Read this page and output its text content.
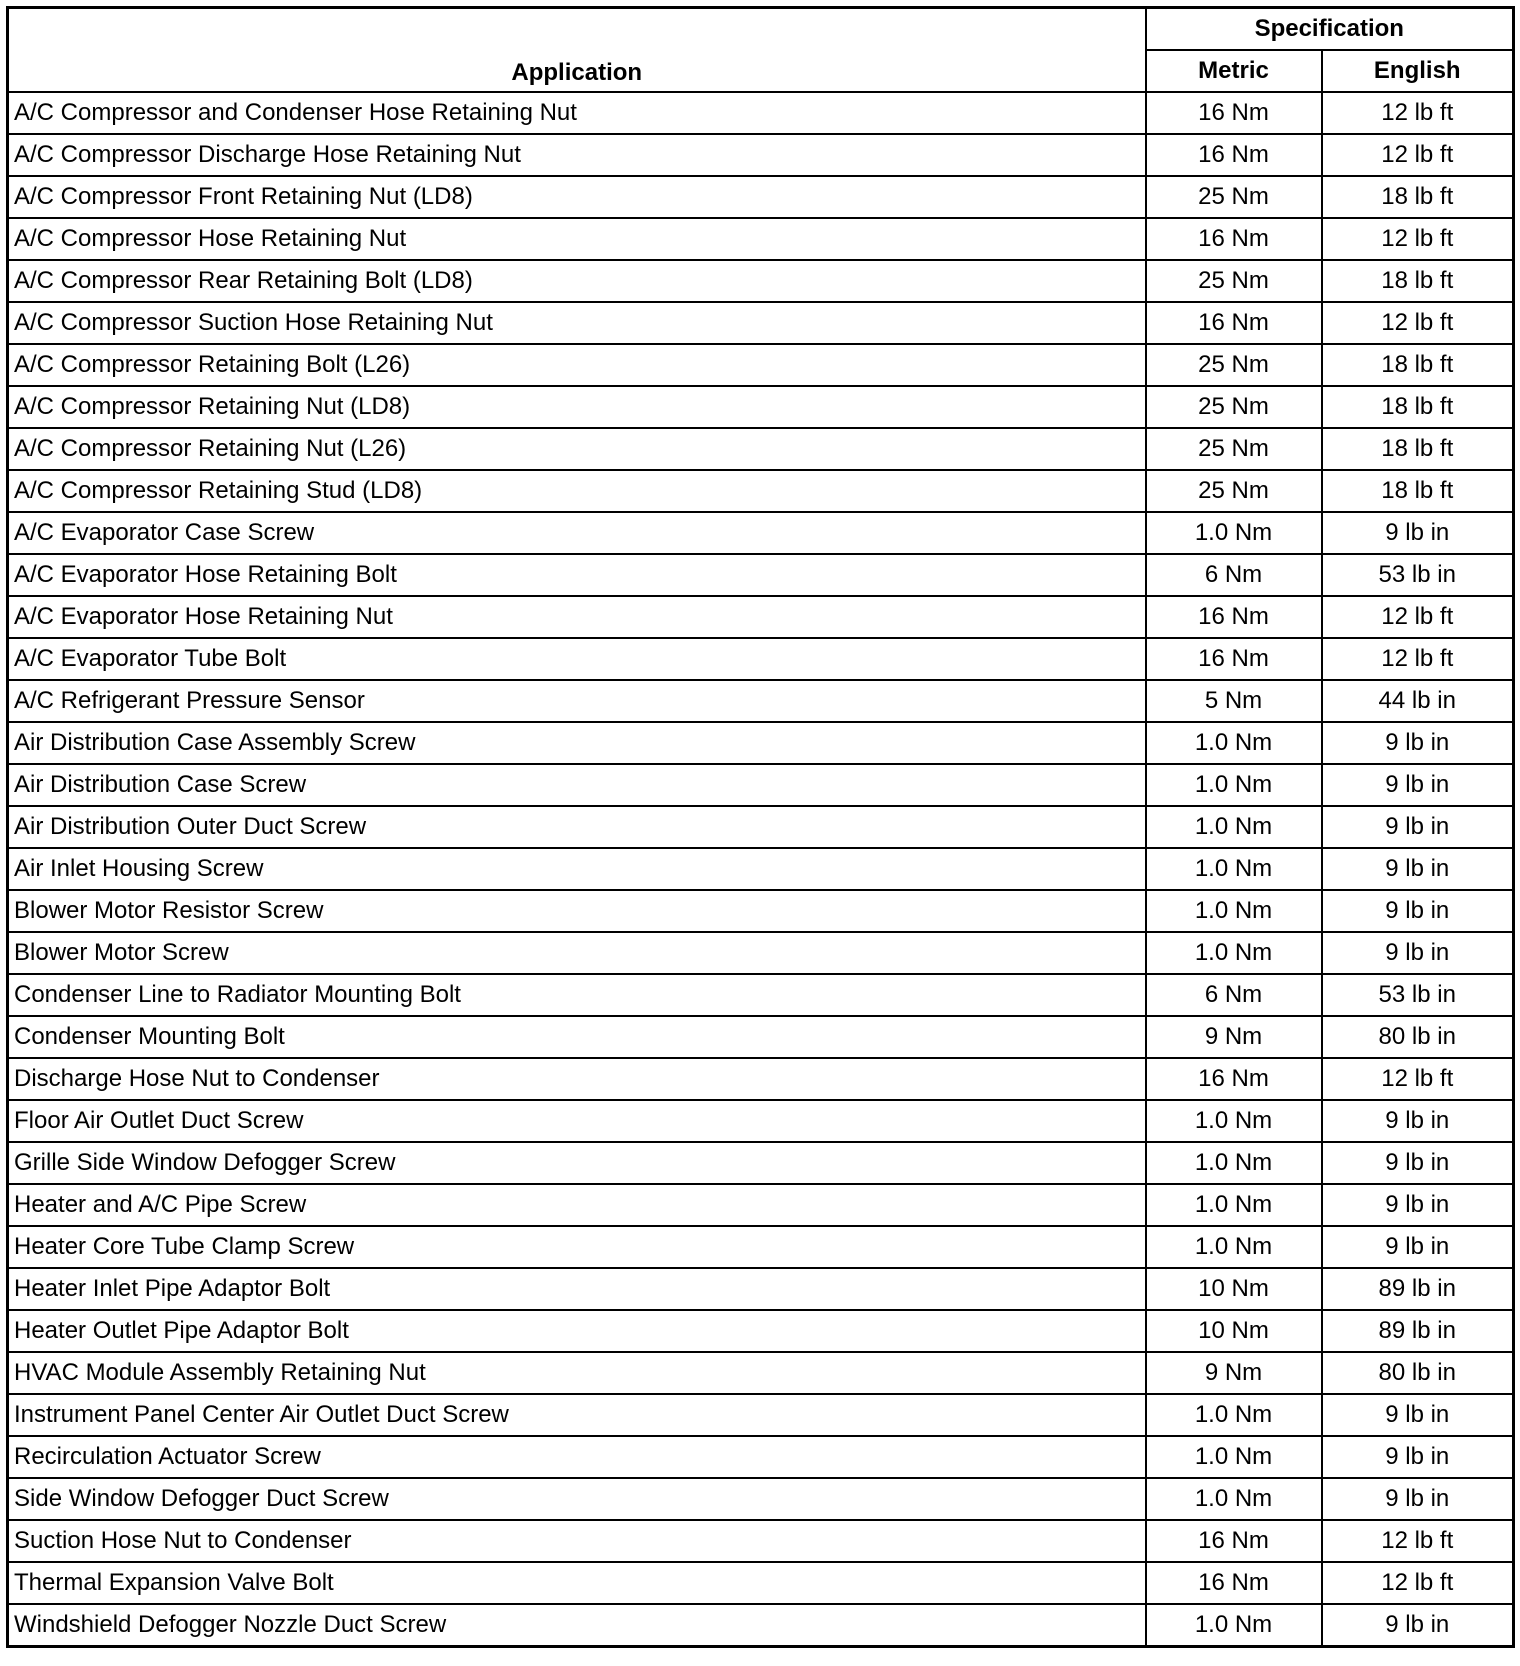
Application	Specification	
	Metric	English
A/C Compressor and Condenser Hose Retaining Nut	16 Nm	12 lb ft
A/C Compressor Discharge Hose Retaining Nut	16 Nm	12 lb ft
A/C Compressor Front Retaining Nut (LD8)	25 Nm	18 lb ft
A/C Compressor Hose Retaining Nut	16 Nm	12 lb ft
A/C Compressor Rear Retaining Bolt (LD8)	25 Nm	18 lb ft
A/C Compressor Suction Hose Retaining Nut	16 Nm	12 lb ft
A/C Compressor Retaining Bolt (L26)	25 Nm	18 lb ft
A/C Compressor Retaining Nut (LD8)	25 Nm	18 lb ft
A/C Compressor Retaining Nut (L26)	25 Nm	18 lb ft
A/C Compressor Retaining Stud (LD8)	25 Nm	18 lb ft
A/C Evaporator Case Screw	1.0 Nm	9 lb in
A/C Evaporator Hose Retaining Bolt	6 Nm	53 lb in
A/C Evaporator Hose Retaining Nut	16 Nm	12 lb ft
A/C Evaporator Tube Bolt	16 Nm	12 lb ft
A/C Refrigerant Pressure Sensor	5 Nm	44 lb in
Air Distribution Case Assembly Screw	1.0 Nm	9 lb in
Air Distribution Case Screw	1.0 Nm	9 lb in
Air Distribution Outer Duct Screw	1.0 Nm	9 lb in
Air Inlet Housing Screw	1.0 Nm	9 lb in
Blower Motor Resistor Screw	1.0 Nm	9 lb in
Blower Motor Screw	1.0 Nm	9 lb in
Condenser Line to Radiator Mounting Bolt	6 Nm	53 lb in
Condenser Mounting Bolt	9 Nm	80 lb in
Discharge Hose Nut to Condenser	16 Nm	12 lb ft
Floor Air Outlet Duct Screw	1.0 Nm	9 lb in
Grille Side Window Defogger Screw	1.0 Nm	9 lb in
Heater and A/C Pipe Screw	1.0 Nm	9 lb in
Heater Core Tube Clamp Screw	1.0 Nm	9 lb in
Heater Inlet Pipe Adaptor Bolt	10 Nm	89 lb in
Heater Outlet Pipe Adaptor Bolt	10 Nm	89 lb in
HVAC Module Assembly Retaining Nut	9 Nm	80 lb in
Instrument Panel Center Air Outlet Duct Screw	1.0 Nm	9 lb in
Recirculation Actuator Screw	1.0 Nm	9 lb in
Side Window Defogger Duct Screw	1.0 Nm	9 lb in
Suction Hose Nut to Condenser	16 Nm	12 lb ft
Thermal Expansion Valve Bolt	16 Nm	12 lb ft
Windshield Defogger Nozzle Duct Screw	1.0 Nm	9 lb in
